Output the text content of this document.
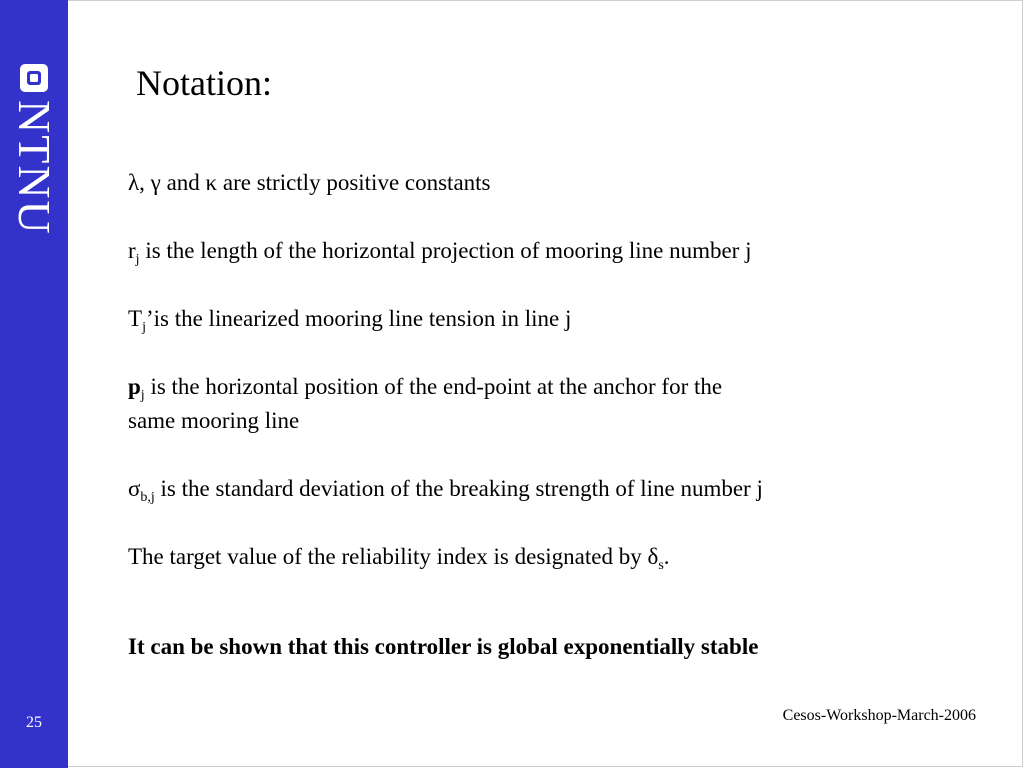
NTNU
25
Notation:
λ, γ and κ are strictly positive constants
$r_j$ is the length of the horizontal projection of mooring line number j
$T_j’is$ the linearized mooring line tension in line j
$p_j$ is the horizontal position of the end-point at the anchor for the
same mooring line
$\sigma_{b,j}$ is the standard deviation of the breaking strength of line number j
The target value of the reliability index is designated by $\delta_s$.
It can be shown that this controller is global exponentially stable
Cesos-Workshop-March-2006
